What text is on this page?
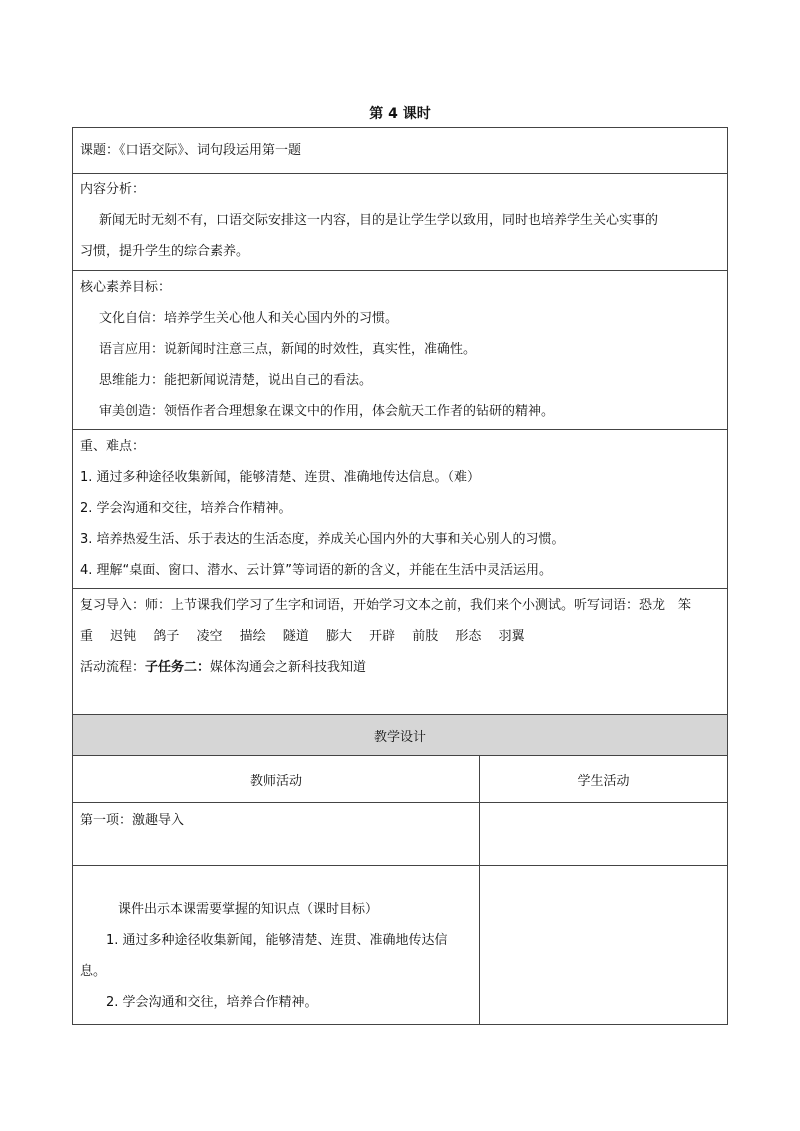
第 4 课时
课题：《口语交际》、词句段运用第一题	

内容分析：
新闻无时无刻不有，口语交际安排这一内容，目的是让学生学以致用，同时也培养学生关心实事的
习惯，提升学生的综合素养。	

核心素养目标：
文化自信：培养学生关心他人和关心国内外的习惯。
语言应用：说新闻时注意三点，新闻的时效性，真实性，准确性。
思维能力：能把新闻说清楚，说出自己的看法。
审美创造：领悟作者合理想象在课文中的作用，体会航天工作者的钻研的精神。	

重、难点：
1. 通过多种途径收集新闻，能够清楚、连贯、准确地传达信息。（难）
2. 学会沟通和交往，培养合作精神。
3. 培养热爱生活、乐于表达的生活态度，养成关心国内外的大事和关心别人的习惯。
4. 理解“桌面、窗口、潜水、云计算”等词语的新的含义，并能在生活中灵活运用。	

复习导入：师：上节课我们学习了生字和词语，开始学习文本之前，我们来个小测试。听写词语：恐龙　笨
重 迟钝 鸽子 凌空 描绘 隧道 膨大 开辟 前肢 形态 羽翼
活动流程：子任务二：媒体沟通会之新科技我知道	

教学设计	
教师活动	学生活动

第一项：激趣导入	

课件出示本课需要掌握的知识点（课时目标）
1. 通过多种途径收集新闻，能够清楚、连贯、准确地传达信
息。
2. 学会沟通和交往，培养合作精神。	
